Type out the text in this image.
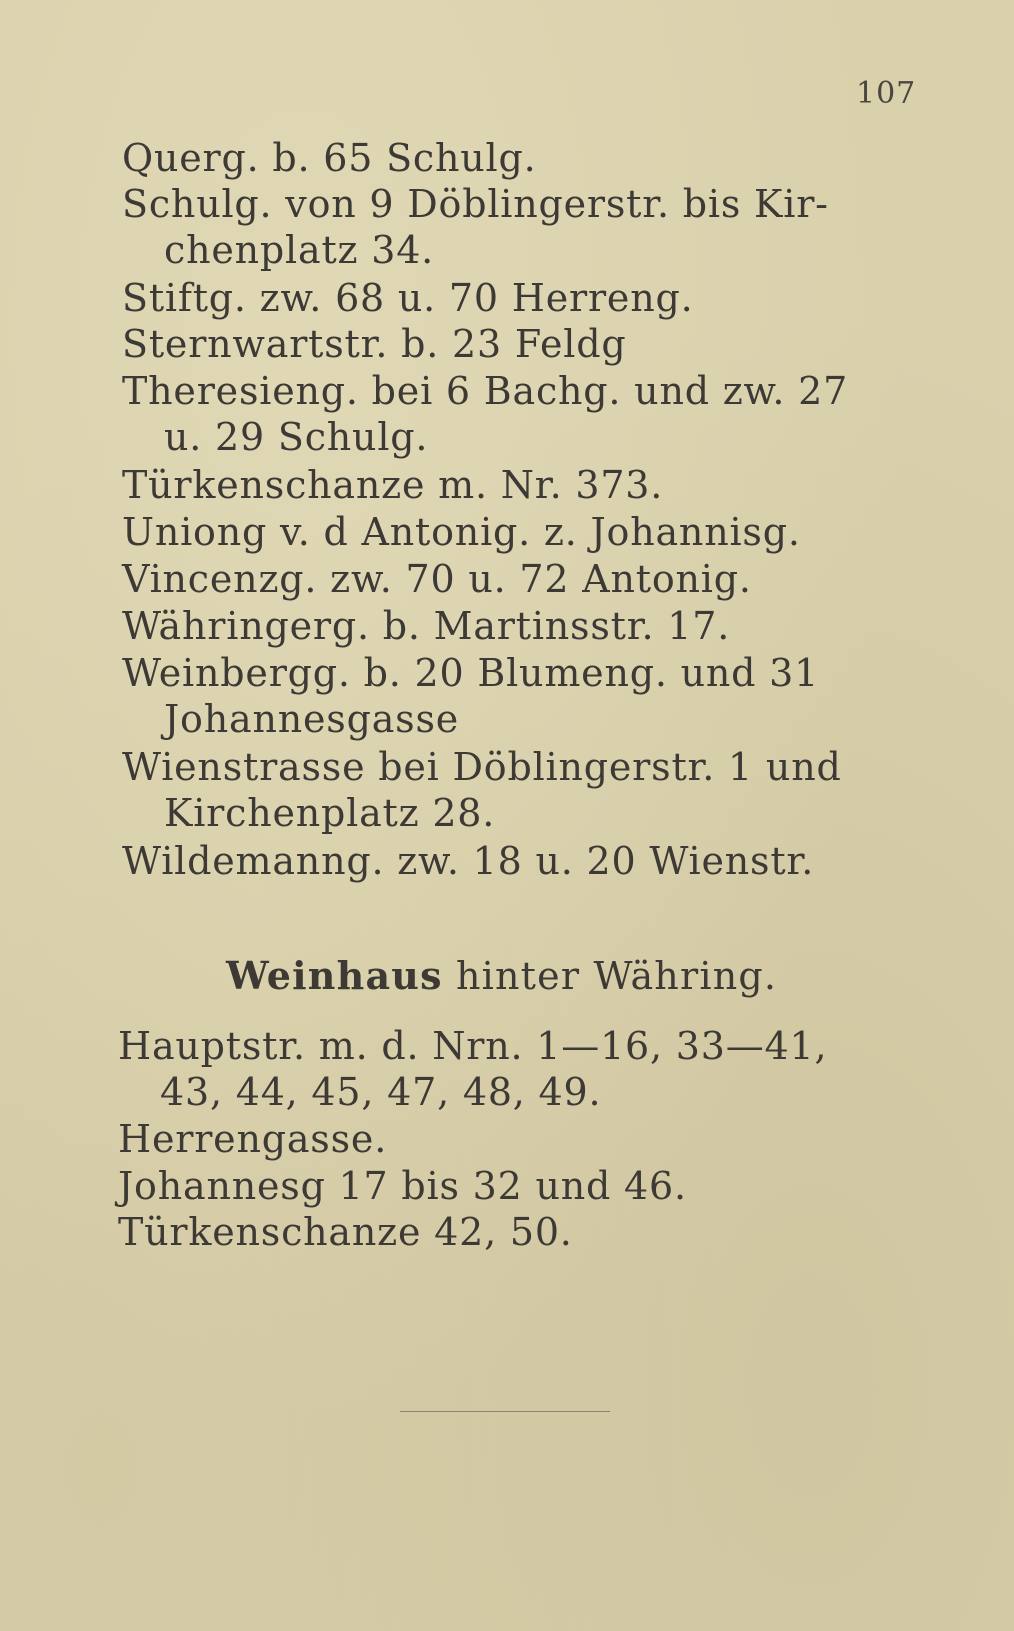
107
Querg. b. 65 Schulg.
Schulg. von 9 Döblingerstr. bis Kir-
chenplatz 34.
Stiftg. zw. 68 u. 70 Herreng.
Sternwartstr. b. 23 Feldg
Theresieng. bei 6 Bachg. und zw. 27
u. 29 Schulg.
Türkenschanze m. Nr. 373.
Uniong v. d Antonig. z. Johannisg.
Vincenzg. zw. 70 u. 72 Antonig.
Währingerg. b. Martinsstr. 17.
Weinbergg. b. 20 Blumeng. und 31
Johannesgasse
Wienstrasse bei Döblingerstr. 1 und
Kirchenplatz 28.
Wildemanng. zw. 18 u. 20 Wienstr.
Weinhaus hinter Währing.
Hauptstr. m. d. Nrn. 1—16, 33—41,
43, 44, 45, 47, 48, 49.
Herrengasse.
Johannesg 17 bis 32 und 46.
Türkenschanze 42, 50.
